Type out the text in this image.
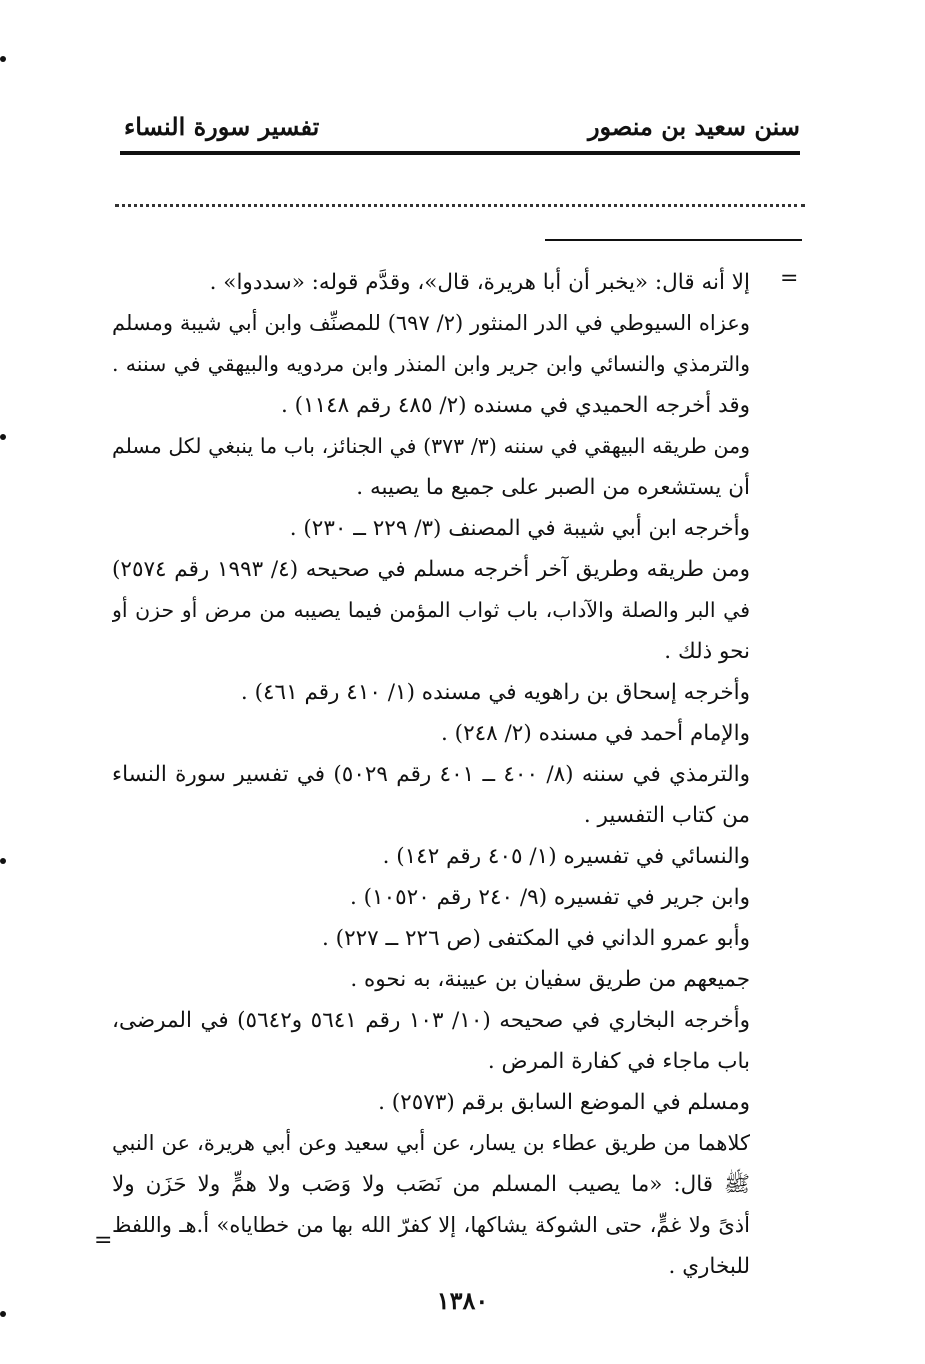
سنن سعيد بن منصور
تفسير سورة النساء
=
إلا أنه قال: «يخبر أن أبا هريرة، قال»، وقدَّم قوله: «سددوا» .
وعزاه السيوطي في الدر المنثور (٢/ ٦٩٧) للمصنِّف وابن أبي شيبة ومسلم
والترمذي والنسائي وابن جرير وابن المنذر وابن مردويه والبيهقي في سننه .
وقد أخرجه الحميدي في مسنده (٢/ ٤٨٥ رقم ١١٤٨) .
ومن طريقه البيهقي في سننه (٣/ ٣٧٣) في الجنائز، باب ما ينبغي لكل مسلم
أن يستشعره من الصبر على جميع ما يصيبه .
وأخرجه ابن أبي شيبة في المصنف (٣/ ٢٢٩ ــ ٢٣٠) .
ومن طريقه وطريق آخر أخرجه مسلم في صحيحه (٤/ ١٩٩٣ رقم ٢٥٧٤)
في البر والصلة والآداب، باب ثواب المؤمن فيما يصيبه من مرض أو حزن أو
نحو ذلك .
وأخرجه إسحاق بن راهويه في مسنده (١/ ٤١٠ رقم ٤٦١) .
والإمام أحمد في مسنده (٢/ ٢٤٨) .
والترمذي في سننه (٨/ ٤٠٠ ــ ٤٠١ رقم ٥٠٢٩) في تفسير سورة النساء
من كتاب التفسير .
والنسائي في تفسيره (١/ ٤٠٥ رقم ١٤٢) .
وابن جرير في تفسيره (٩/ ٢٤٠ رقم ١٠٥٢٠) .
وأبو عمرو الداني في المكتفى (ص ٢٢٦ ــ ٢٢٧) .
جميعهم من طريق سفيان بن عيينة، به نحوه .
وأخرجه البخاري في صحيحه (١٠/ ١٠٣ رقم ٥٦٤١ و٥٦٤٢) في المرضى،
باب ماجاء في كفارة المرض .
ومسلم في الموضع السابق برقم (٢٥٧٣) .
كلاهما من طريق عطاء بن يسار، عن أبي سعيد وعن أبي هريرة، عن النبي
ﷺ قال: «ما يصيب المسلم من نَصَب ولا وَصَب ولا همٍّ ولا حَزَن ولا
أذىً ولا غمٍّ، حتى الشوكة يشاكها، إلا كفرّ الله بها من خطاياه» أ.هـ واللفظ
للبخاري .
=
١٣٨٠
